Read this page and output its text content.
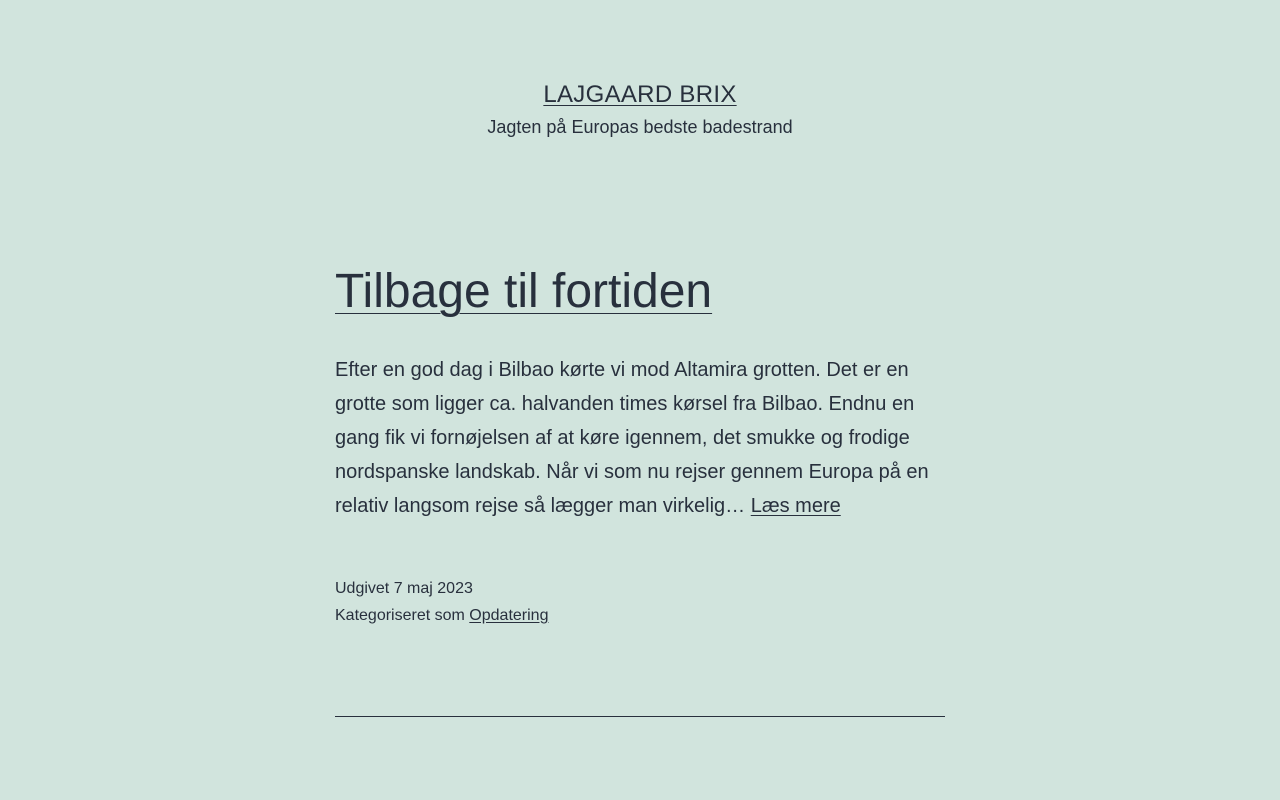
LAJGAARD BRIX
Jagten på Europas bedste badestrand
Tilbage til fortiden

Efter en god dag i Bilbao kørte vi mod Altamira grotten. Det er en grotte som ligger ca. halvanden times kørsel fra Bilbao. Endnu en gang fik vi fornøjelsen af at køre igennem, det smukke og frodige nordspanske landskab. Når vi som nu rejser gennem Europa på en relativ langsom rejse så lægger man virkelig… Læs mere

Udgivet 7 maj 2023
Kategoriseret som Opdatering
